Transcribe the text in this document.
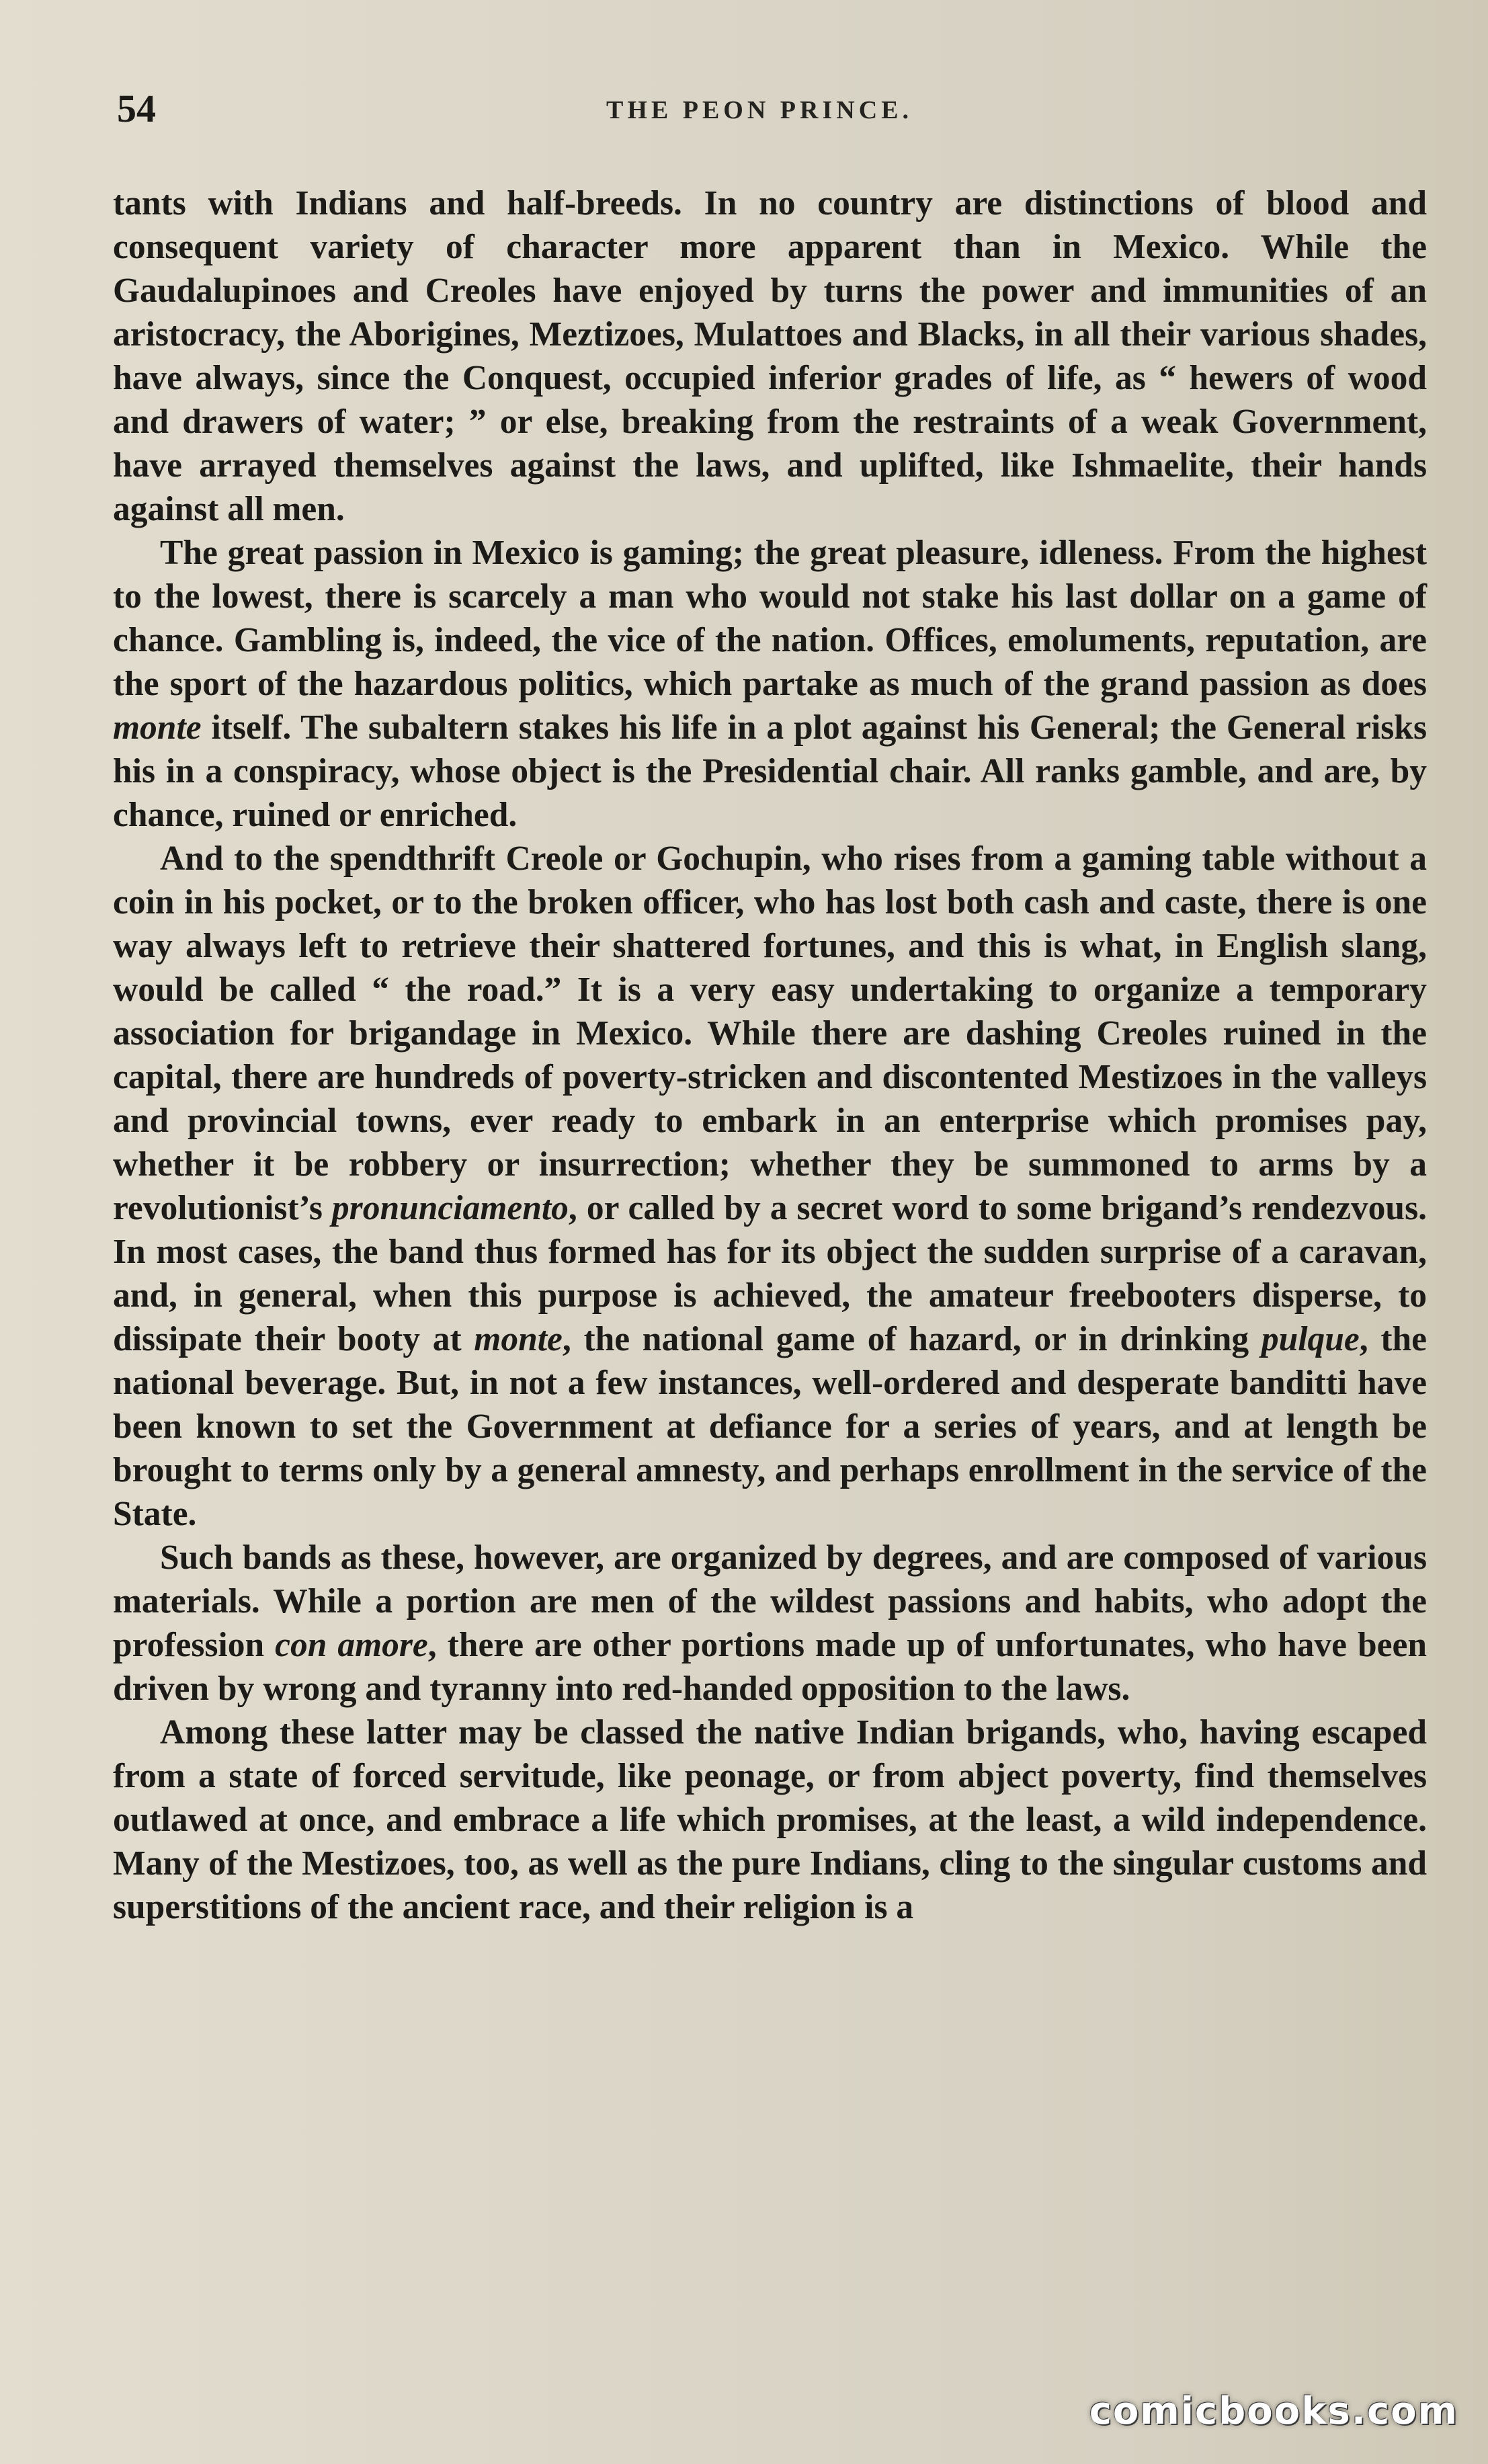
54	THE PEON PRINCE.

tants with Indians and half-breeds. In no country are distinctions of blood and consequent variety of character more apparent than in Mexico. While the Gaudalupinoes and Creoles have enjoyed by turns the power and immunities of an aristocracy, the Aborigines, Meztizoes, Mulattoes and Blacks, in all their various shades, have always, since the Conquest, occupied inferior grades of life, as “ hewers of wood and drawers of water; ” or else, breaking from the restraints of a weak Government, have arrayed themselves against the laws, and uplifted, like Ishmaelite, their hands against all men.

The great passion in Mexico is gaming; the great pleasure, idleness. From the highest to the lowest, there is scarcely a man who would not stake his last dollar on a game of chance. Gambling is, indeed, the vice of the nation. Offices, emoluments, reputation, are the sport of the hazardous politics, which partake as much of the grand passion as does monte itself. The subaltern stakes his life in a plot against his General; the General risks his in a conspiracy, whose object is the Presidential chair. All ranks gamble, and are, by chance, ruined or enriched.

And to the spendthrift Creole or Gochupin, who rises from a gaming table without a coin in his pocket, or to the broken officer, who has lost both cash and caste, there is one way always left to retrieve their shattered fortunes, and this is what, in English slang, would be called “ the road.” It is a very easy undertaking to organize a temporary association for brigandage in Mexico. While there are dashing Creoles ruined in the capital, there are hundreds of poverty-stricken and discontented Mestizoes in the valleys and provincial towns, ever ready to embark in an enterprise which promises pay, whether it be robbery or insurrection; whether they be summoned to arms by a revolutionist’s pronunciamento, or called by a secret word to some brigand’s rendezvous. In most cases, the band thus formed has for its object the sudden surprise of a caravan, and, in general, when this purpose is achieved, the amateur freebooters disperse, to dissipate their booty at monte, the national game of hazard, or in drinking pulque, the national beverage. But, in not a few instances, well-ordered and desperate banditti have been known to set the Government at defiance for a series of years, and at length be brought to terms only by a general amnesty, and perhaps enrollment in the service of the State.

Such bands as these, however, are organized by degrees, and are composed of various materials. While a portion are men of the wildest passions and habits, who adopt the profession con amore, there are other portions made up of unfortunates, who have been driven by wrong and tyranny into red-handed opposition to the laws.

Among these latter may be classed the native Indian brigands, who, having escaped from a state of forced servitude, like peonage, or from abject poverty, find themselves outlawed at once, and embrace a life which promises, at the least, a wild independence. Many of the Mestizoes, too, as well as the pure Indians, cling to the singular customs and superstitions of the ancient race, and their religion is a

comicbooks.com
